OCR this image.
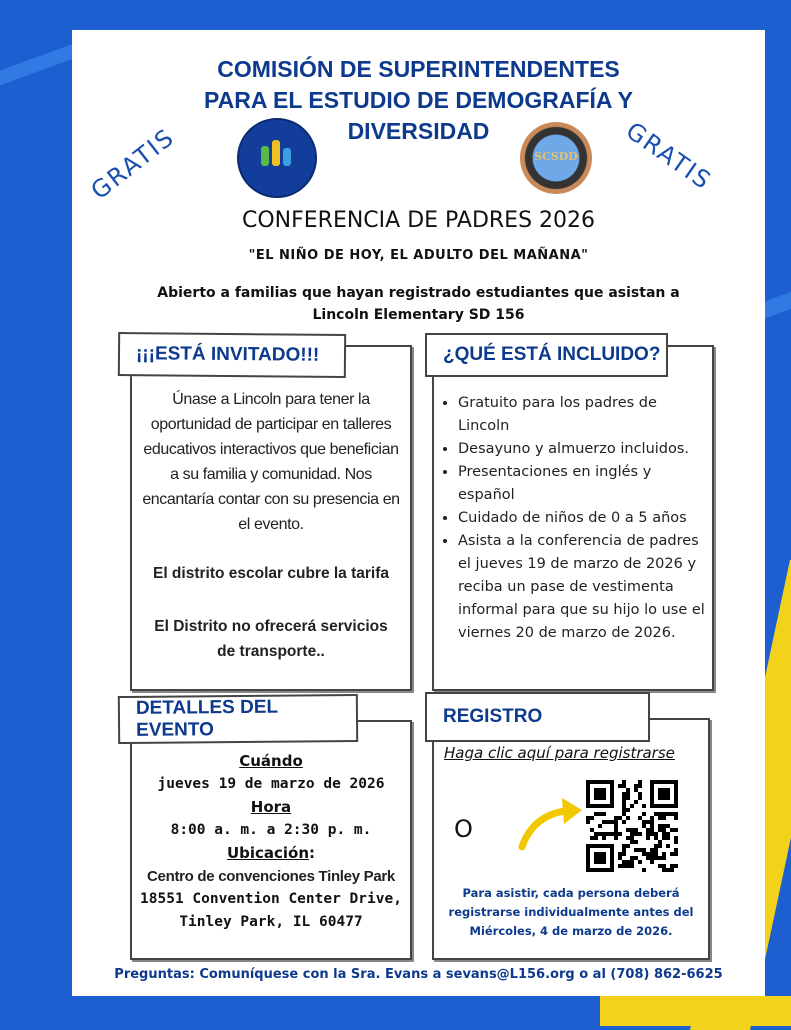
COMISIÓN DE SUPERINTENDENTES
PARA EL ESTUDIO DE DEMOGRAFÍA Y
DIVERSIDAD
GRATIS	GRATIS
SCSDD
CONFERENCIA DE PADRES 2026
"EL NIÑO DE HOY, EL ADULTO DEL MAÑANA"
Abierto a familias que hayan registrado estudiantes que asistan a Lincoln Elementary SD 156
Únase a Lincoln para tener la oportunidad de participar en talleres educativos interactivos que benefician a su familia y comunidad. Nos encantaría contar con su presencia en el evento.
El distrito escolar cubre la tarifa
El Distrito no ofrecerá servicios de transporte..
¡¡¡ESTÁ INVITADO!!!
• Gratuito para los padres de Lincoln
• Desayuno y almuerzo incluidos.
• Presentaciones en inglés y español
• Cuidado de niños de 0 a 5 años
• Asista a la conferencia de padres el jueves 19 de marzo de 2026 y reciba un pase de vestimenta informal para que su hijo lo use el viernes 20 de marzo de 2026.
¿QUÉ ESTÁ INCLUIDO?
Cuándo
jueves 19 de marzo de 2026
Hora
8:00 a. m. a 2:30 p. m.
Ubicación:
Centro de convenciones Tinley Park
18551 Convention Center Drive, Tinley Park, IL 60477
DETALLES DEL EVENTO
Haga clic aquí para registrarse
O
Para asistir, cada persona deberá registrarse individualmente antes del Miércoles, 4 de marzo de 2026.
REGISTRO
Preguntas: Comuníquese con la Sra. Evans a sevans@L156.org o al (708) 862-6625
